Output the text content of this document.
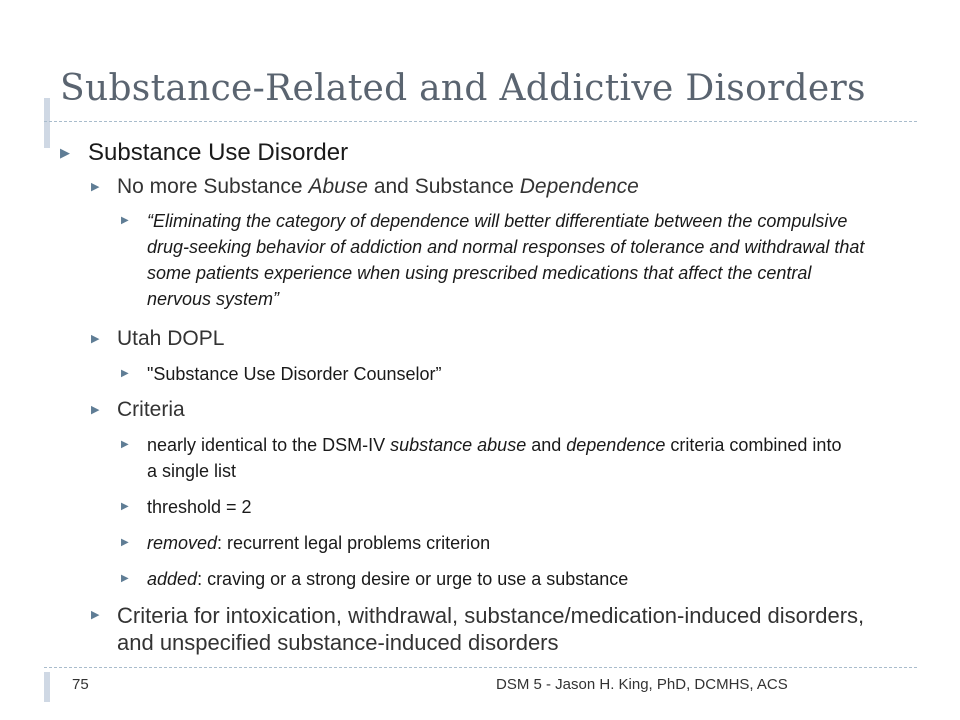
Substance-Related and Addictive Disorders
▶ Substance Use Disorder
▶ No more Substance Abuse and Substance Dependence
▶ “Eliminating the category of dependence will better differentiate between the compulsive drug-seeking behavior of addiction and normal responses of tolerance and withdrawal that some patients experience when using prescribed medications that affect the central nervous system”
▶ Utah DOPL
▶ "Substance Use Disorder Counselor”
▶ Criteria
▶ nearly identical to the DSM-IV substance abuse and dependence criteria combined into a single list
▶ threshold = 2
▶ removed: recurrent legal problems criterion
▶ added: craving or a strong desire or urge to use a substance
▶ Criteria for intoxication, withdrawal, substance/medication-induced disorders, and unspecified substance-induced disorders
75	DSM 5 - Jason H. King, PhD, DCMHS, ACS
